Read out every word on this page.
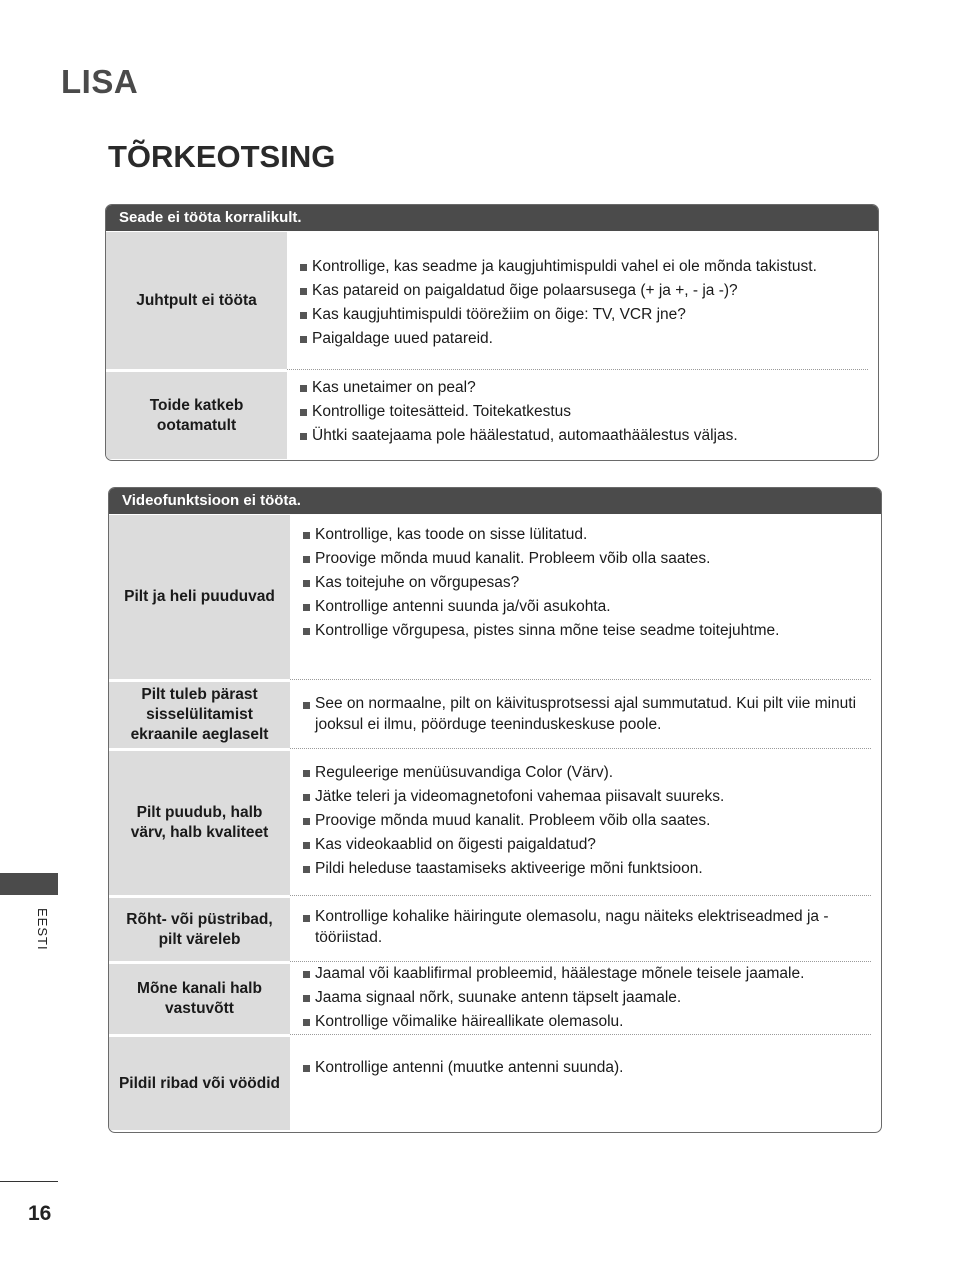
LISA
TÕRKEOTSING
Seade ei tööta korralikult.
Juhtpult ei tööta
Kontrollige, kas seadme ja kaugjuhtimispuldi vahel ei ole mõnda takistust.
Kas patareid on paigaldatud õige polaarsusega (+ ja +, - ja -)?
Kas kaugjuhtimispuldi töörežiim on õige: TV, VCR jne?
Paigaldage uued patareid.
Toide katkeb ootamatult
Kas unetaimer on peal?
Kontrollige toitesätteid. Toitekatkestus
Ühtki saatejaama pole häälestatud, automaathäälestus väljas.
Videofunktsioon ei tööta.
Pilt ja heli puuduvad
Kontrollige, kas toode on sisse lülitatud.
Proovige mõnda muud kanalit. Probleem võib olla saates.
Kas toitejuhe on võrgupesas?
Kontrollige antenni suunda ja/või asukohta.
Kontrollige võrgupesa, pistes sinna mõne teise seadme toitejuhtme.
Pilt tuleb pärast sisselülitamist ekraanile aeglaselt
See on normaalne, pilt on käivitusprotsessi ajal summutatud. Kui pilt viie minuti jooksul ei ilmu, pöörduge teeninduskeskuse poole.
Pilt puudub, halb värv, halb kvaliteet
Reguleerige menüüsuvandiga Color (Värv).
Jätke teleri ja videomagnetofoni vahemaa piisavalt suureks.
Proovige mõnda muud kanalit. Probleem võib olla saates.
Kas videokaablid on õigesti paigaldatud?
Pildi heleduse taastamiseks aktiveerige mõni funktsioon.
Rõht- või püstribad, pilt väreleb
Kontrollige kohalike häiringute olemasolu, nagu näiteks elektriseadmed ja -tööriistad.
Mõne kanali halb vastuvõtt
Jaamal või kaablifirmal probleemid, häälestage mõnele teisele jaamale.
Jaama signaal nõrk, suunake antenn täpselt jaamale.
Kontrollige võimalike häireallikate olemasolu.
Pildil ribad või vöödid
Kontrollige antenni (muutke antenni suunda).
EESTI
16
